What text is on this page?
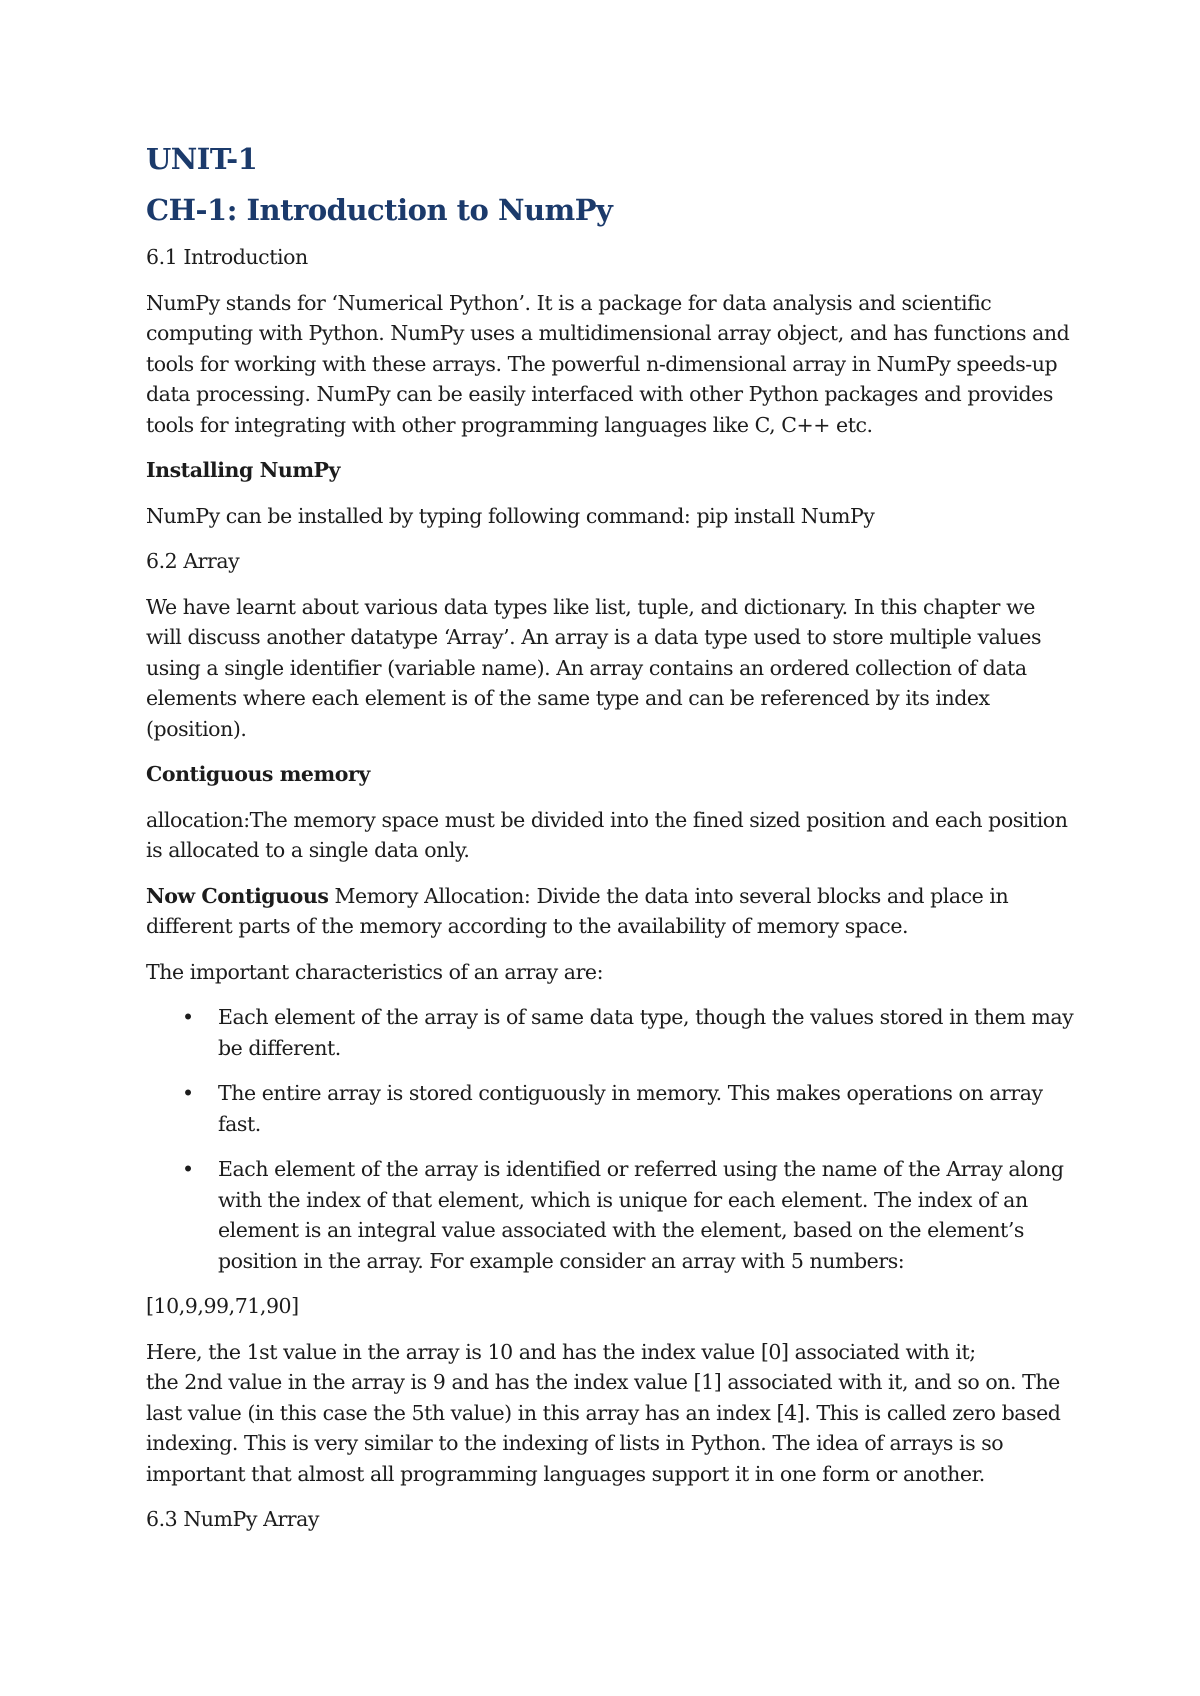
UNIT-1
CH-1: Introduction to NumPy

6.1 Introduction

NumPy stands for ‘Numerical Python’. It is a package for data analysis and scientific computing with Python. NumPy uses a multidimensional array object, and has functions and tools for working with these arrays. The powerful n-dimensional array in NumPy speeds-up data processing. NumPy can be easily interfaced with other Python packages and provides tools for integrating with other programming languages like C, C++ etc.

Installing NumPy

NumPy can be installed by typing following command: pip install NumPy

6.2 Array

We have learnt about various data types like list, tuple, and dictionary. In this chapter we will discuss another datatype ‘Array’. An array is a data type used to store multiple values using a single identifier (variable name). An array contains an ordered collection of data elements where each element is of the same type and can be referenced by its index (position).

Contiguous memory

allocation:The memory space must be divided into the fined sized position and each position is allocated to a single data only.

Now Contiguous Memory Allocation: Divide the data into several blocks and place in different parts of the memory according to the availability of memory space.

The important characteristics of an array are:

• Each element of the array is of same data type, though the values stored in them may be different.
• The entire array is stored contiguously in memory. This makes operations on array fast.
• Each element of the array is identified or referred using the name of the Array along with the index of that element, which is unique for each element. The index of an element is an integral value associated with the element, based on the element’s position in the array. For example consider an array with 5 numbers:

[10,9,99,71,90]

Here, the 1st value in the array is 10 and has the index value [0] associated with it;

the 2nd value in the array is 9 and has the index value [1] associated with it, and so on. The last value (in this case the 5th value) in this array has an index [4]. This is called zero based indexing. This is very similar to the indexing of lists in Python. The idea of arrays is so important that almost all programming languages support it in one form or another.

6.3 NumPy Array
